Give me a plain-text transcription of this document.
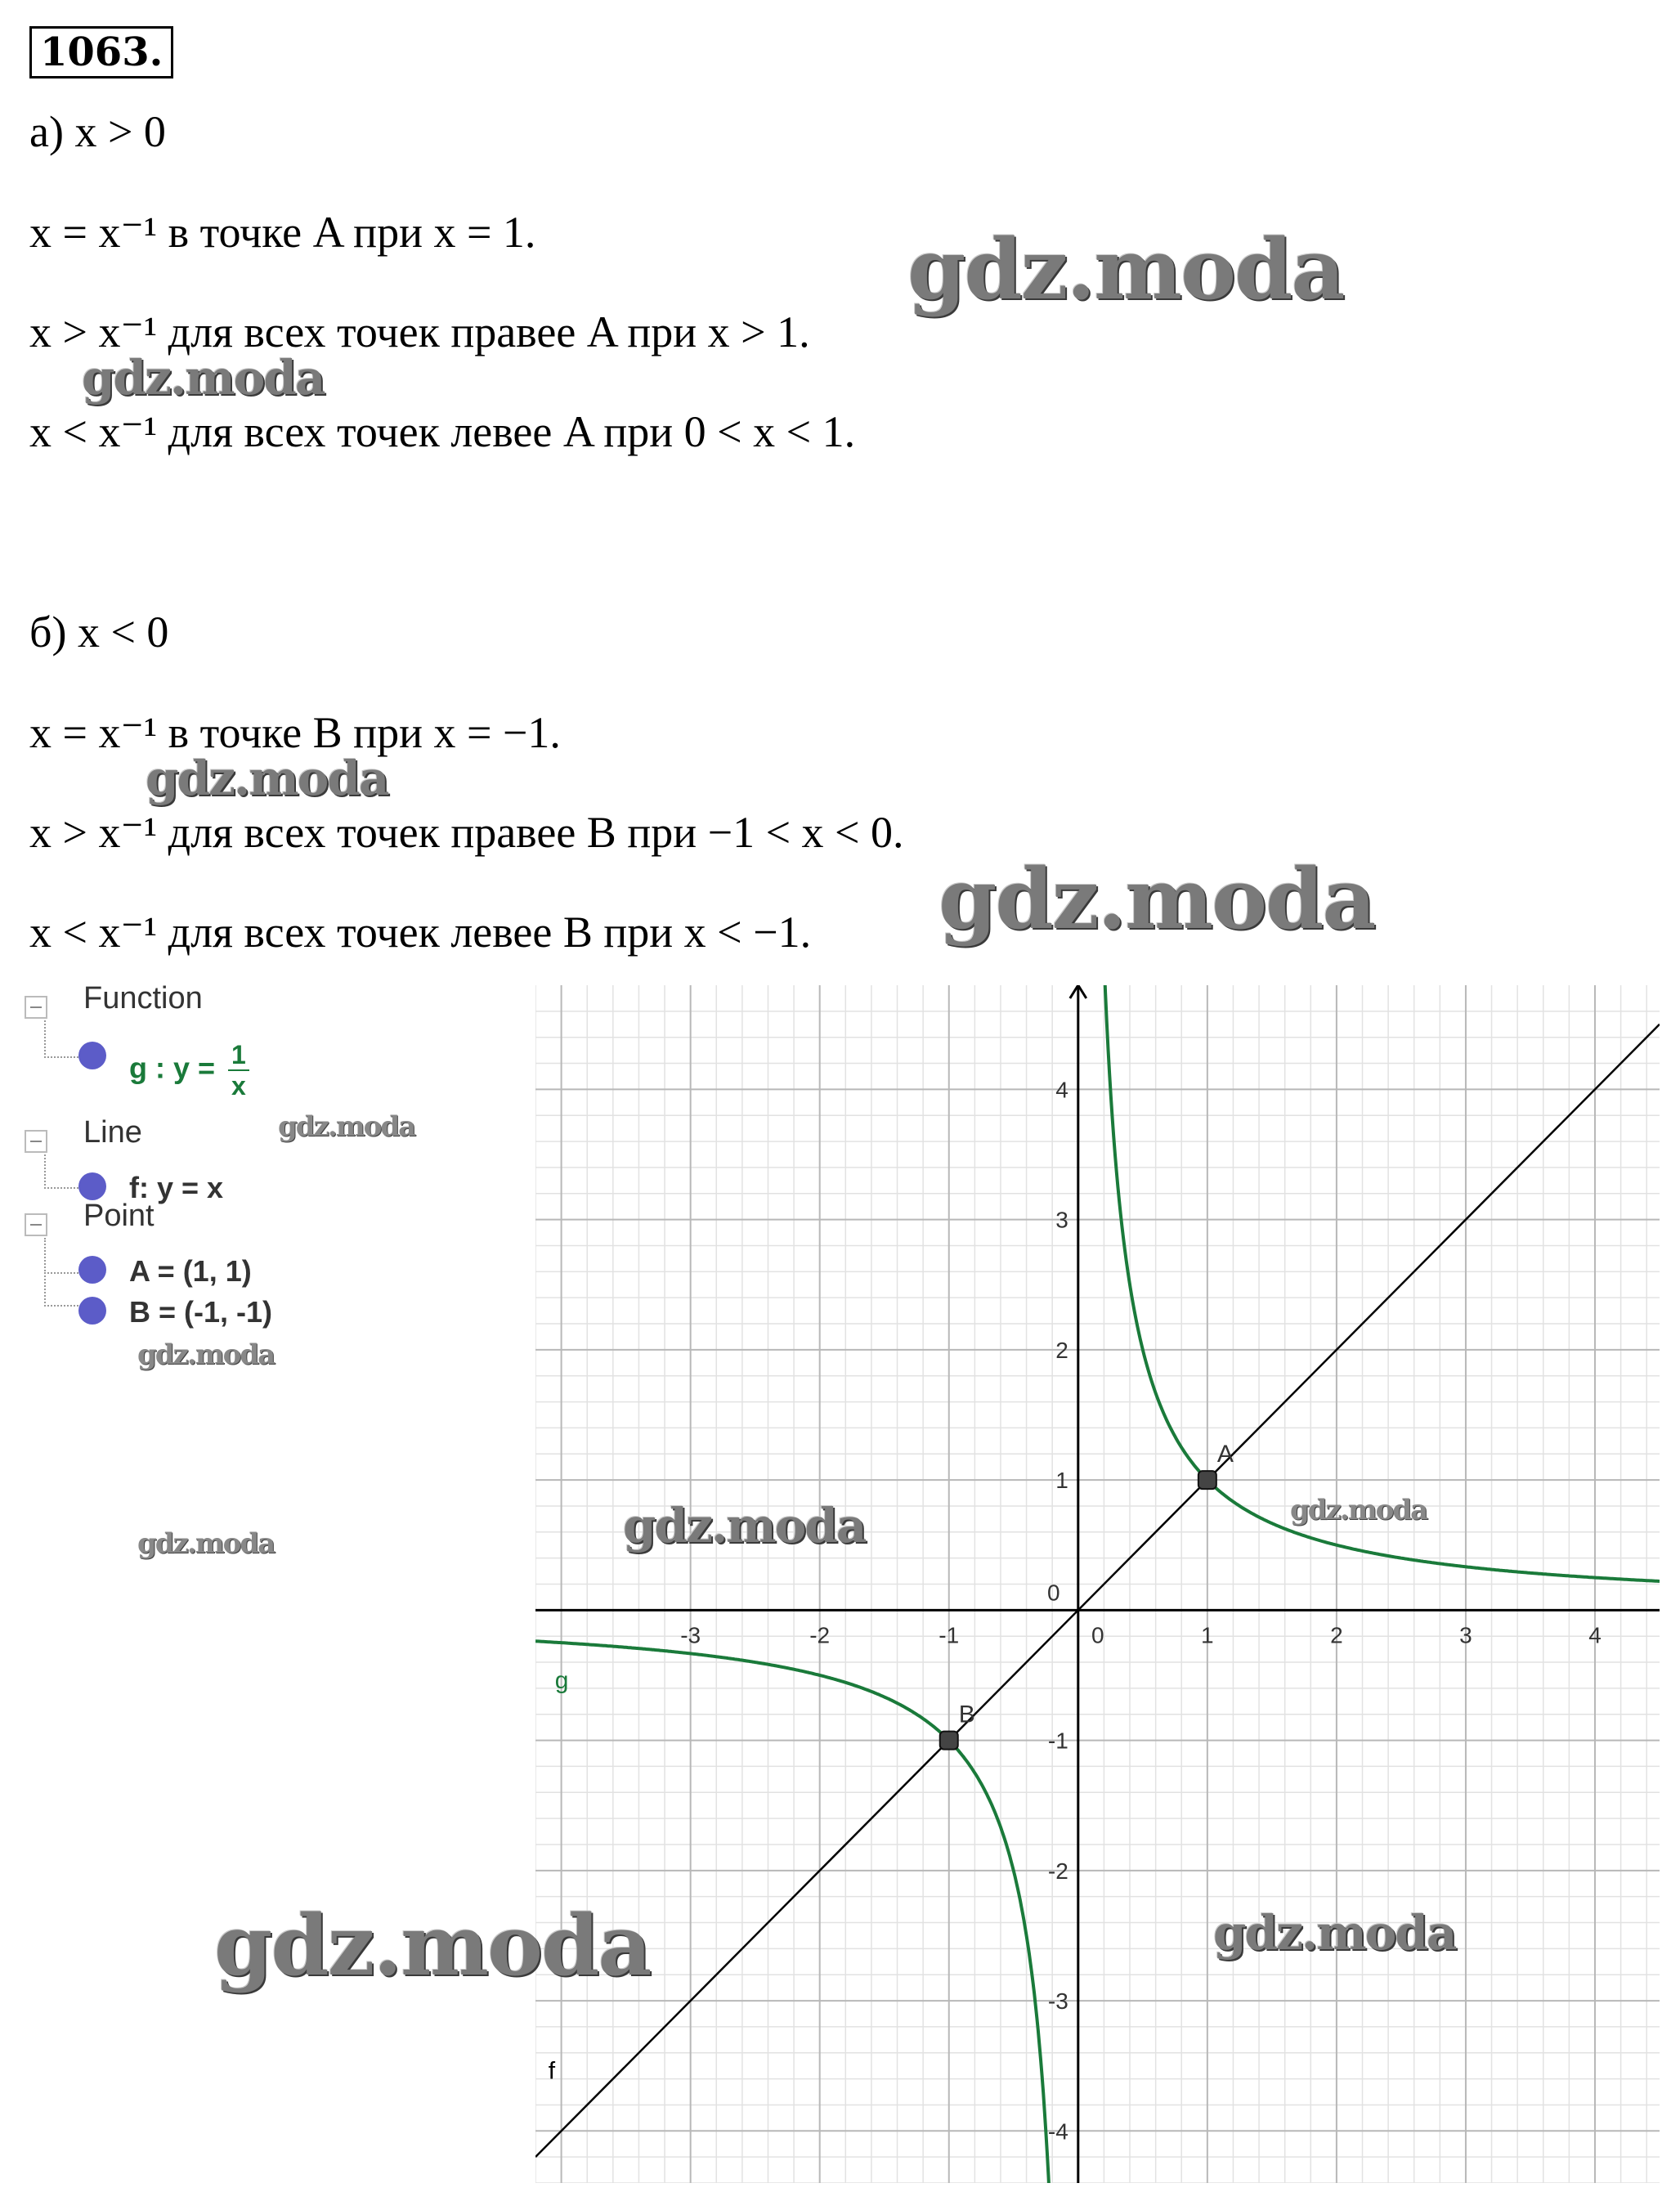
1063.
а) x > 0
x = x⁻¹ в точке A при x = 1.
x > x⁻¹ для всех точек правее A при x > 1.
x < x⁻¹ для всех точек левее A при 0 < x < 1.
б) x < 0
x = x⁻¹ в точке B при x = −1.
x > x⁻¹ для всех точек правее B при −1 < x < 0.
x < x⁻¹ для всех точек левее B при x < −1.
Function
g : $y = \frac{1}{x}$
Line
f: y = x
Point
A = (1, 1)
B = (-1, -1)
-3	-2	-1	0	1	2	3	4
-4
-3
-2
-1
0
1
2
3
4
f
g
A
B
gdz.moda
gdz.moda
gdz.moda
gdz.moda
gdz.moda
gdz.moda
gdz.moda
gdz.moda
gdz.moda
gdz.moda	gdz.moda
